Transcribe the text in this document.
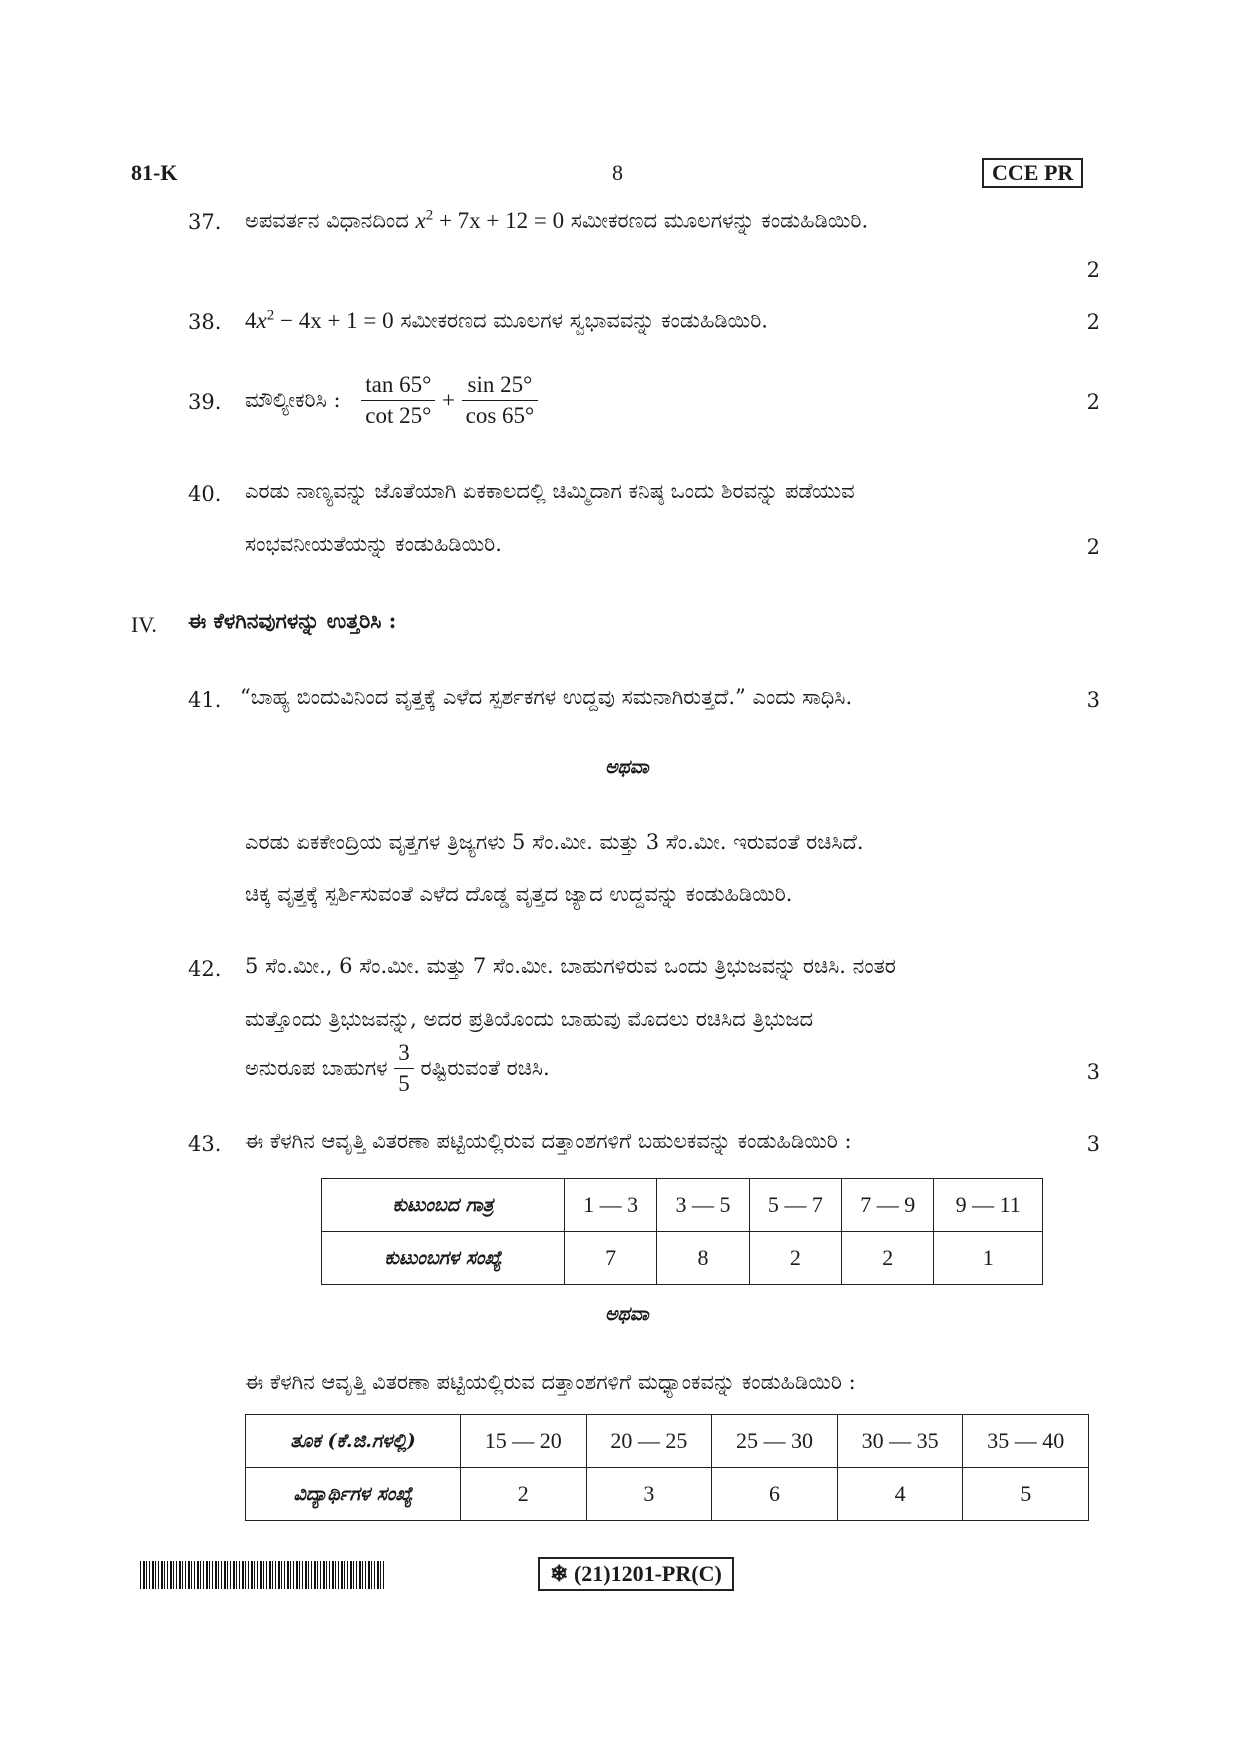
81-K	8	CCE PR
37. ಅಪವರ್ತನ ವಿಧಾನದಿಂದ $x^2 + 7x + 12 = 0$ ಸಮೀಕರಣದ ಮೂಲಗಳನ್ನು ಕಂಡುಹಿಡಿಯಿರಿ.
2
38. $4x^2 - 4x + 1 = 0$ ಸಮೀಕರಣದ ಮೂಲಗಳ ಸ್ವಭಾವವನ್ನು ಕಂಡುಹಿಡಿಯಿರಿ.	2
39. ಮೌಲ್ಯೀಕರಿಸಿ : $\frac{\tan 65^\circ}{\cot 25^\circ} + \frac{\sin 25^\circ}{\cos 65^\circ}$	2
40. ಎರಡು ನಾಣ್ಯವನ್ನು ಜೊತೆಯಾಗಿ ಏಕಕಾಲದಲ್ಲಿ ಚಿಮ್ಮಿದಾಗ ಕನಿಷ್ಠ ಒಂದು ಶಿರವನ್ನು ಪಡೆಯುವ
ಸಂಭವನೀಯತೆಯನ್ನು ಕಂಡುಹಿಡಿಯಿರಿ.	2
IV. ಈ ಕೆಳಗಿನವುಗಳನ್ನು ಉತ್ತರಿಸಿ :
41. “ಬಾಹ್ಯ ಬಿಂದುವಿನಿಂದ ವೃತ್ತಕ್ಕೆ ಎಳೆದ ಸ್ಪರ್ಶಕಗಳ ಉದ್ದವು ಸಮನಾಗಿರುತ್ತದೆ.” ಎಂದು ಸಾಧಿಸಿ.	3
ಅಥವಾ
ಎರಡು ಏಕಕೇಂದ್ರಿಯ ವೃತ್ತಗಳ ತ್ರಿಜ್ಯಗಳು 5 ಸೆಂ.ಮೀ. ಮತ್ತು 3 ಸೆಂ.ಮೀ. ಇರುವಂತೆ ರಚಿಸಿದೆ.
ಚಿಕ್ಕ ವೃತ್ತಕ್ಕೆ ಸ್ಪರ್ಶಿಸುವಂತೆ ಎಳೆದ ದೊಡ್ಡ ವೃತ್ತದ ಜ್ಯಾದ ಉದ್ದವನ್ನು ಕಂಡುಹಿಡಿಯಿರಿ.
42. 5 ಸೆಂ.ಮೀ., 6 ಸೆಂ.ಮೀ. ಮತ್ತು 7 ಸೆಂ.ಮೀ. ಬಾಹುಗಳಿರುವ ಒಂದು ತ್ರಿಭುಜವನ್ನು ರಚಿಸಿ. ನಂತರ
ಮತ್ತೊಂದು ತ್ರಿಭುಜವನ್ನು, ಅದರ ಪ್ರತಿಯೊಂದು ಬಾಹುವು ಮೊದಲು ರಚಿಸಿದ ತ್ರಿಭುಜದ
ಅನುರೂಪ ಬಾಹುಗಳ $\frac{3}{5}$ ರಷ್ಟಿರುವಂತೆ ರಚಿಸಿ.	3
43. ಈ ಕೆಳಗಿನ ಆವೃತ್ತಿ ವಿತರಣಾ ಪಟ್ಟಿಯಲ್ಲಿರುವ ದತ್ತಾಂಶಗಳಿಗೆ ಬಹುಲಕವನ್ನು ಕಂಡುಹಿಡಿಯಿರಿ :	3
ಕುಟುಂಬದ ಗಾತ್ರ	1 — 3	3 — 5	5 — 7	7 — 9	9 — 11
ಕುಟುಂಬಗಳ ಸಂಖ್ಯೆ	7	8	2	2	1
ಅಥವಾ
ಈ ಕೆಳಗಿನ ಆವೃತ್ತಿ ವಿತರಣಾ ಪಟ್ಟಿಯಲ್ಲಿರುವ ದತ್ತಾಂಶಗಳಿಗೆ ಮಧ್ಯಾಂಕವನ್ನು ಕಂಡುಹಿಡಿಯಿರಿ :
ತೂಕ (ಕೆ.ಜಿ.ಗಳಲ್ಲಿ)	15 — 20	20 — 25	25 — 30	30 — 35	35 — 40
ವಿದ್ಯಾರ್ಥಿಗಳ ಸಂಖ್ಯೆ	2	3	6	4	5
❄ (21)1201-PR(C)
